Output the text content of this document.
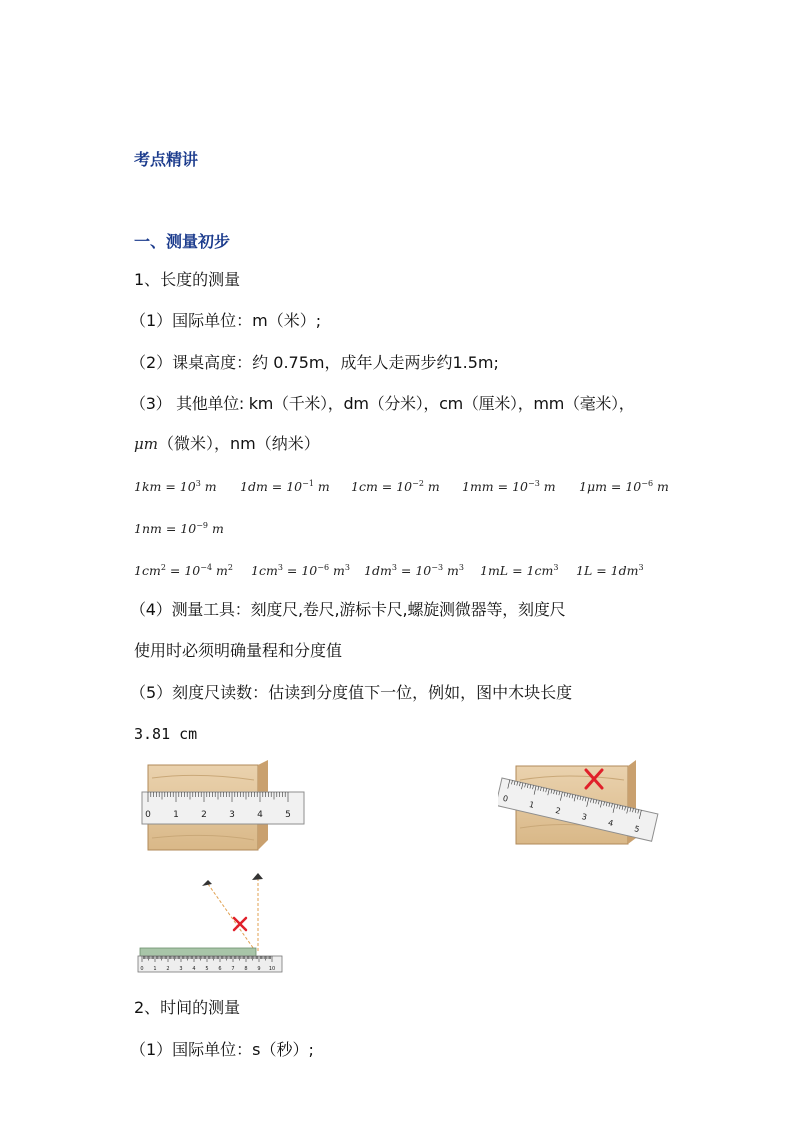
考点精讲
一、测量初步
1、长度的测量
（1）国际单位：m（米）;
（2）课桌高度：约 0.75m，成年人走两步约1.5m;
（3） 其他单位: km（千米），dm（分米），cm（厘米），mm（毫米），
μm（微米），nm（纳米）
$1km = 10^3$ m $1dm = 10^{-1}$ m $1cm = 10^{-2}$ m $1mm = 10^{-3}$ m $1\mu m = 10^{-6}$ m
$1nm = 10^{-9}$ m
$1cm^2 = 10^{-4}$ $m^2$ $1cm^3 = 10^{-6}$ $m^3$ $1dm^3 = 10^{-3}$ $m^3$ $1mL = 1cm^3$ $1L = 1dm^3$
（4）测量工具：刻度尺,卷尺,游标卡尺,螺旋测微器等，刻度尺
使用时必须明确量程和分度值
（5）刻度尺读数：估读到分度值下一位，例如，图中木块长度
3.81 cm
0 1 2 3 4 5
0
1
2
3
4
5
0 1 2 3 4 5 6 7 8 9 10
2、时间的测量
（1）国际单位：s（秒）;
